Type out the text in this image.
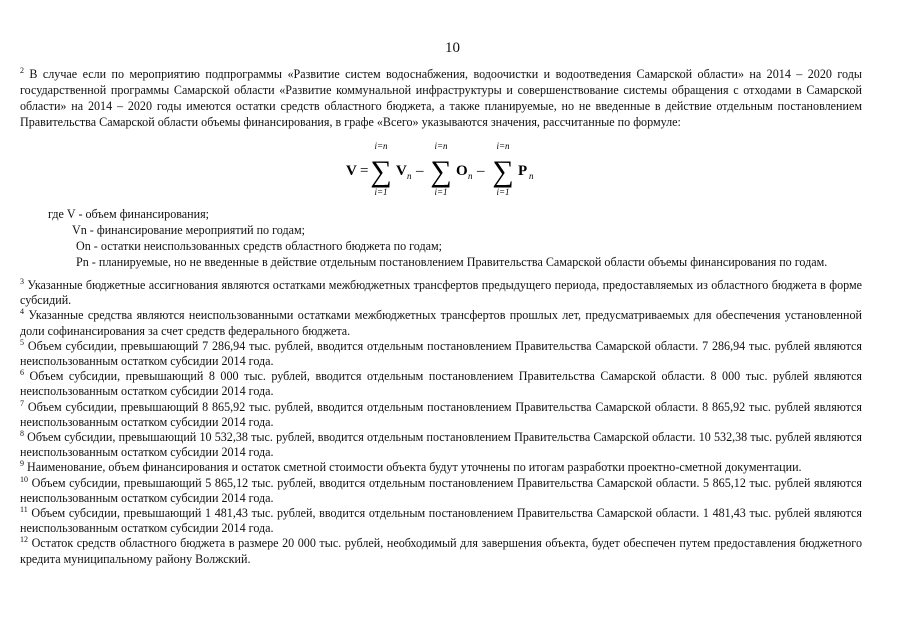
10
$^2$ В случае если по мероприятию подпрограммы «Развитие систем водоснабжения, водоочистки и водоотведения Самарской области» на 2014 – 2020 годы государственной программы Самарской области «Развитие коммунальной инфраструктуры и совершенствование системы обращения с отходами в Самарской области» на 2014 – 2020 годы имеются остатки средств областного бюджета, а также планируемые, но не введенные в действие отдельным постановлением Правительства Самарской области объемы финансирования, в графе «Всего» указываются значения, рассчитанные по формуле:
V =
i=n
∑
i=1
V n –
i=n
∑
i=1
O n –
i=n
∑
i=1
P n
где V - объем финансирования;
Vn - финансирование мероприятий по годам;
On - остатки неиспользованных средств областного бюджета по годам;
Pn - планируемые, но не введенные в действие отдельным постановлением Правительства Самарской области объемы финансирования по годам.
$^3$ Указанные бюджетные ассигнования являются остатками межбюджетных трансфертов предыдущего периода, предоставляемых из областного бюджета в форме субсидий.
$^4$ Указанные средства являются неиспользованными остатками межбюджетных трансфертов прошлых лет, предусматриваемых для обеспечения установленной доли софинансирования за счет средств федерального бюджета.
$^5$ Объем субсидии, превышающий 7 286,94 тыс. рублей, вводится отдельным постановлением Правительства Самарской области. 7 286,94 тыс. рублей являются неиспользованным остатком субсидии 2014 года.
$^6$ Объем субсидии, превышающий 8 000 тыс. рублей, вводится отдельным постановлением Правительства Самарской области. 8 000 тыс. рублей являются неиспользованным остатком субсидии 2014 года.
$^7$ Объем субсидии, превышающий 8 865,92 тыс. рублей, вводится отдельным постановлением Правительства Самарской области. 8 865,92 тыс. рублей являются неиспользованным остатком субсидии 2014 года.
$^8$ Объем субсидии, превышающий 10 532,38 тыс. рублей, вводится отдельным постановлением Правительства Самарской области. 10 532,38 тыс. рублей являются неиспользованным остатком субсидии 2014 года.
$^9$ Наименование, объем финансирования и остаток сметной стоимости объекта будут уточнены по итогам разработки проектно-сметной документации.
$^{10}$ Объем субсидии, превышающий 5 865,12 тыс. рублей, вводится отдельным постановлением Правительства Самарской области. 5 865,12 тыс. рублей являются неиспользованным остатком субсидии 2014 года.
$^{11}$ Объем субсидии, превышающий 1 481,43 тыс. рублей, вводится отдельным постановлением Правительства Самарской области. 1 481,43 тыс. рублей являются неиспользованным остатком субсидии 2014 года.
$^{12}$ Остаток средств областного бюджета в размере 20 000 тыс. рублей, необходимый для завершения объекта, будет обеспечен путем предоставления бюджетного кредита муниципальному району Волжский.
